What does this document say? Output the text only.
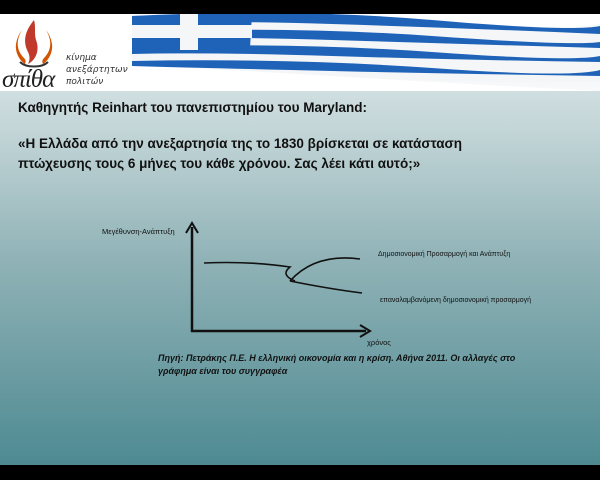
σπίθα
κίνημα
ανεξάρτητων
πολιτών
Καθηγητής Reinhart του πανεπιστημίου του Maryland:
«Η Ελλάδα από την ανεξαρτησία της το 1830 βρίσκεται σε κατάσταση
πτώχευσης τους 6 μήνες του κάθε χρόνου. Σας λέει κάτι αυτό;»
Μεγέθυνση-Ανάπτυξη
Δημοσιονομική Προσαρμογή και Ανάπτυξη
επαναλαμβανόμενη δημοσιονομική προσαρμογή
χρόνος
Πηγή: Πετράκης Π.Ε. Η ελληνική οικονομία και η κρίση. Αθήνα 2011. Οι αλλαγές στο
γράφημα είναι του συγγραφέα
